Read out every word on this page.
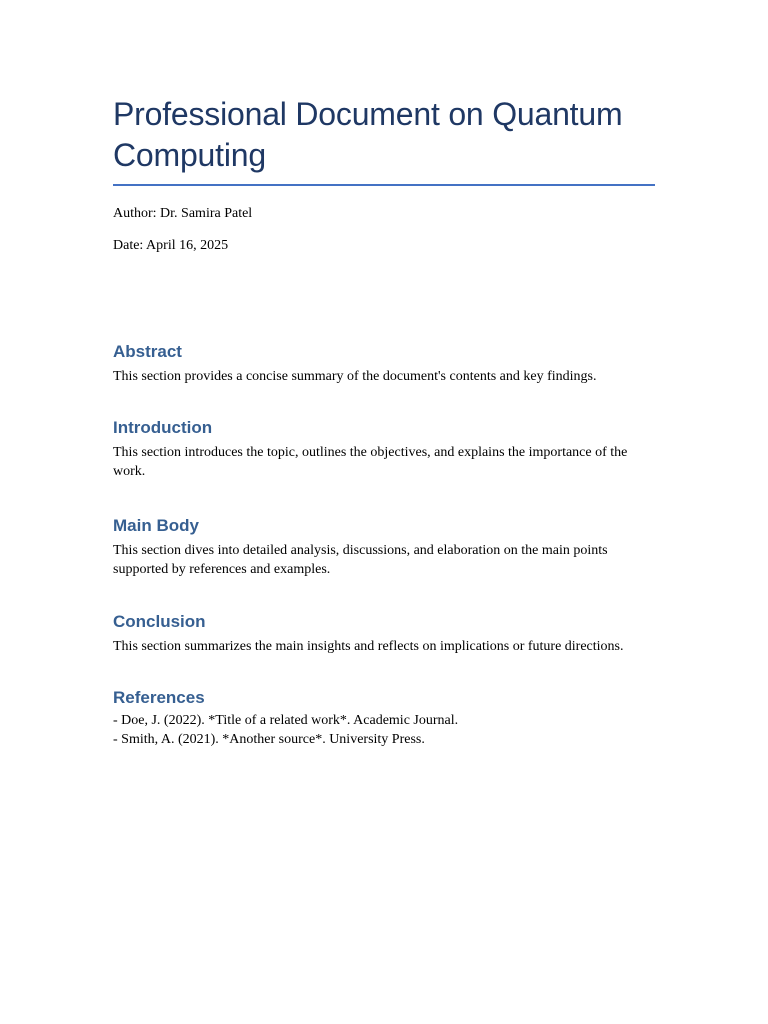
Professional Document on Quantum Computing

Author: Dr. Samira Patel

Date: April 16, 2025

Abstract

This section provides a concise summary of the document's contents and key findings.

Introduction

This section introduces the topic, outlines the objectives, and explains the importance of the work.

Main Body

This section dives into detailed analysis, discussions, and elaboration on the main points supported by references and examples.

Conclusion

This section summarizes the main insights and reflects on implications or future directions.

References

- Doe, J. (2022). *Title of a related work*. Academic Journal.

- Smith, A. (2021). *Another source*. University Press.
